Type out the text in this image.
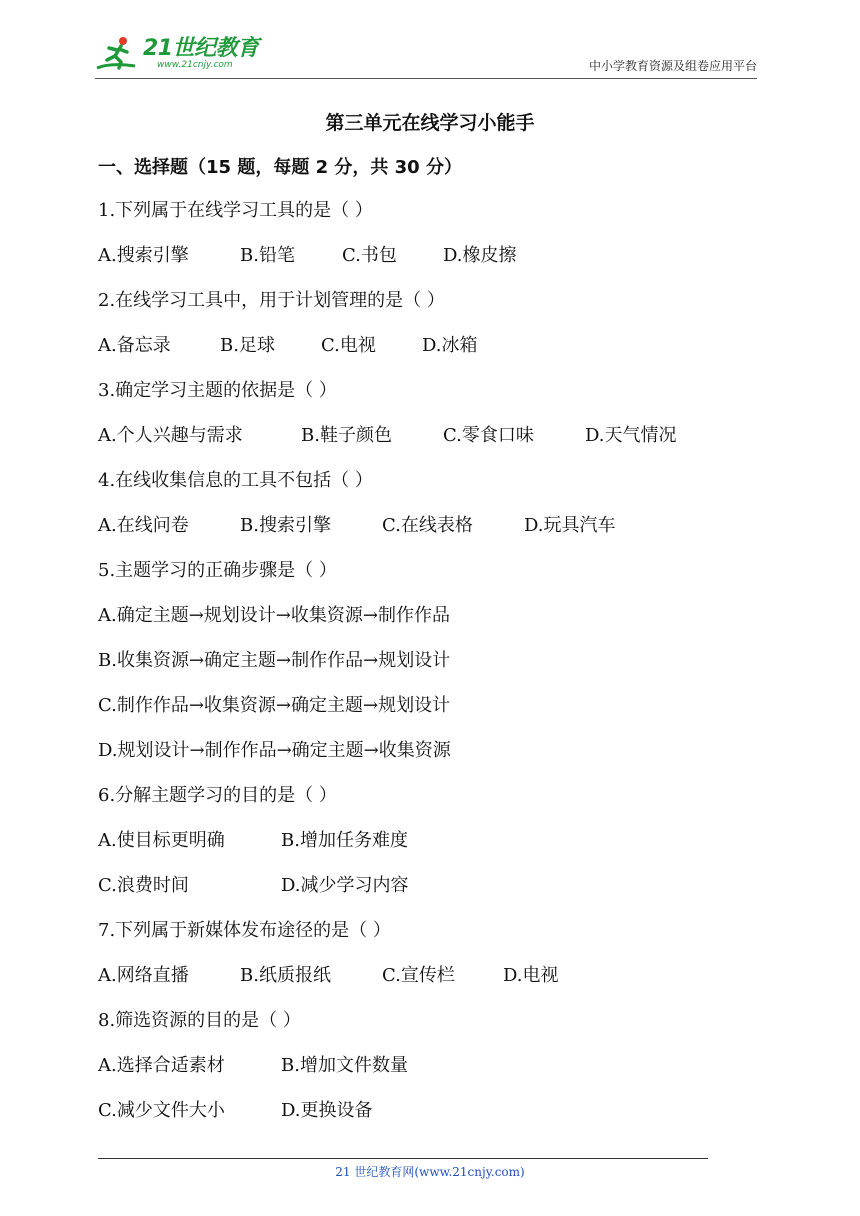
21世纪教育
www.21cnjy.com	中小学教育资源及组卷应用平台
第三单元在线学习小能手
一、选择题（15 题，每题 2 分，共 30 分）
1.下列属于在线学习工具的是（ ）
A.搜索引擎	B.铅笔	C.书包	D.橡皮擦
2.在线学习工具中，用于计划管理的是（ ）
A.备忘录	B.足球	C.电视	D.冰箱
3.确定学习主题的依据是（ ）
A.个人兴趣与需求	B.鞋子颜色	C.零食口味	D.天气情况
4.在线收集信息的工具不包括（ ）
A.在线问卷	B.搜索引擎	C.在线表格	D.玩具汽车
5.主题学习的正确步骤是（ ）
A.确定主题→规划设计→收集资源→制作作品
B.收集资源→确定主题→制作作品→规划设计
C.制作作品→收集资源→确定主题→规划设计
D.规划设计→制作作品→确定主题→收集资源
6.分解主题学习的目的是（ ）
A.使目标更明确	B.增加任务难度
C.浪费时间	D.减少学习内容
7.下列属于新媒体发布途径的是（ ）
A.网络直播	B.纸质报纸	C.宣传栏	D.电视
8.筛选资源的目的是（ ）
A.选择合适素材	B.增加文件数量
C.减少文件大小	D.更换设备
21 世纪教育网(www.21cnjy.com)
